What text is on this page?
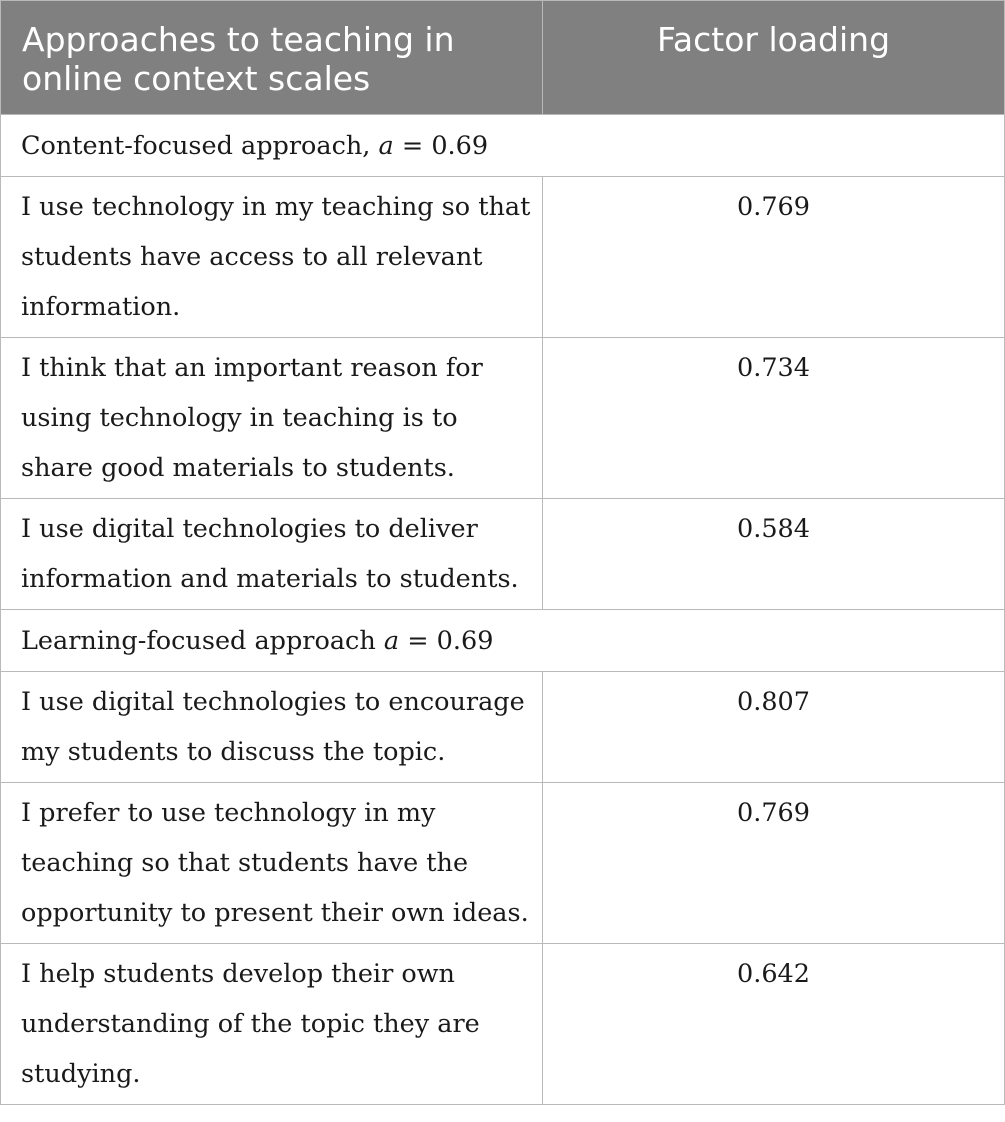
Approaches to teaching in online context scales	Factor loading
Content-focused approach, a = 0.69	
I use technology in my teaching so that students have access to all relevant information.	0.769
I think that an important reason for using technology in teaching is to share good materials to students.	0.734
I use digital technologies to deliver information and materials to students.	0.584
Learning-focused approach a = 0.69	
I use digital technologies to encourage my students to discuss the topic.	0.807
I prefer to use technology in my teaching so that students have the opportunity to present their own ideas.	0.769
I help students develop their own understanding of the topic they are studying.	0.642
